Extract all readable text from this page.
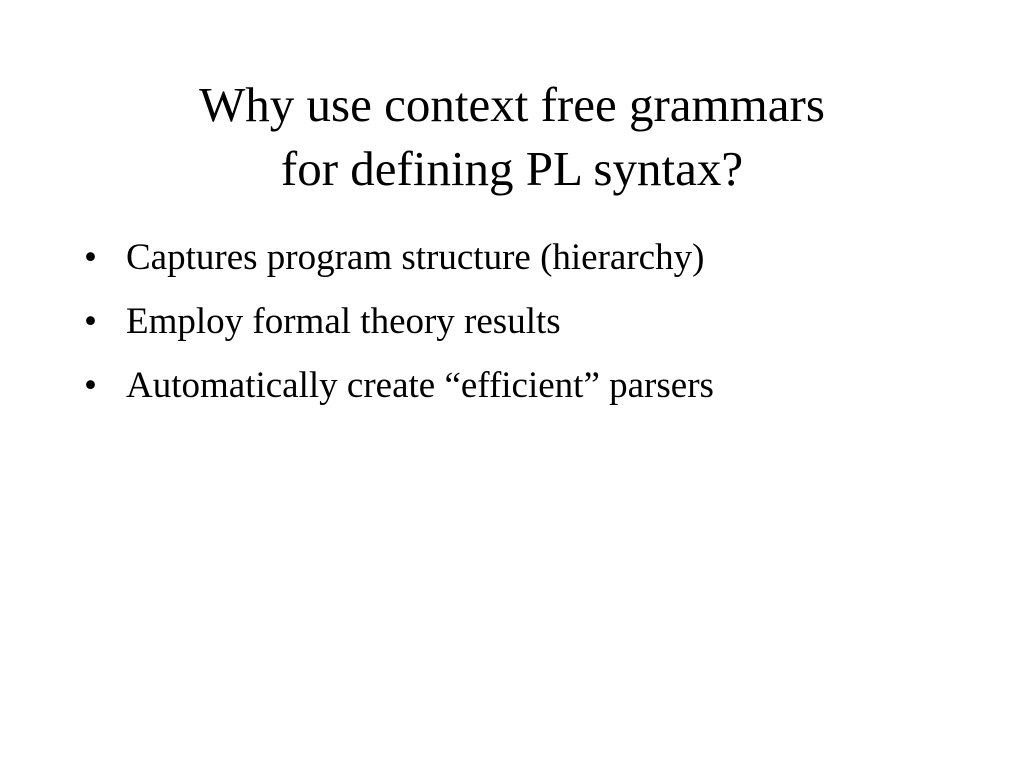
Why use context free grammars
for defining PL syntax?
• Captures program structure (hierarchy)
• Employ formal theory results
• Automatically create “efficient” parsers
